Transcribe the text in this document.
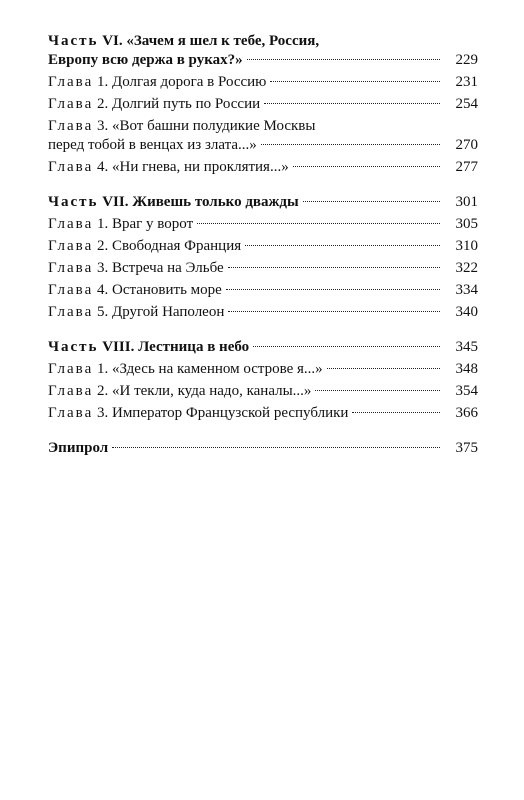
Часть VI. «Зачем я шел к тебе, Россия,
Европу всю держа в руках?»	229
Глава 1. Долгая дорога в Россию	231
Глава 2. Долгий путь по России	254
Глава 3. «Вот башни полудикие Москвы
перед тобой в венцах из злата...»	270
Глава 4. «Ни гнева, ни проклятия...»	277
Часть VII. Живешь только дважды	301
Глава 1. Враг у ворот	305
Глава 2. Свободная Франция	310
Глава 3. Встреча на Эльбе	322
Глава 4. Остановить море	334
Глава 5. Другой Наполеон	340
Часть VIII. Лестница в небо	345
Глава 1. «Здесь на каменном острове я...»	348
Глава 2. «И текли, куда надо, каналы...»	354
Глава 3. Император Французской республики	366
Эпипрол	375
